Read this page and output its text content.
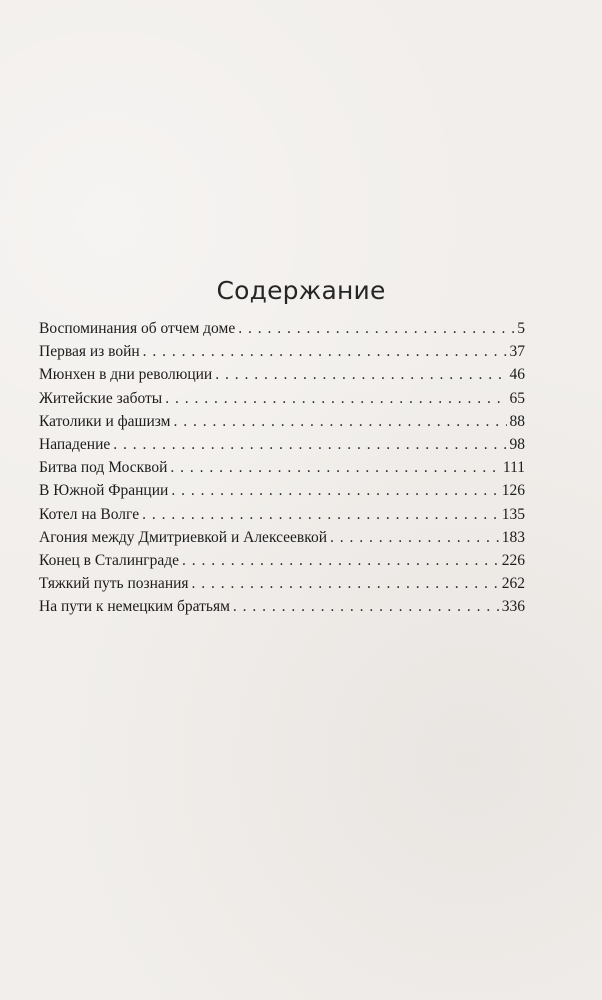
Содержание
Воспоминания об отчем доме . . .	5
Первая из войн . . .	37
Мюнхен в дни революции . . .	46
Житейские заботы . . .	65
Католики и фашизм . . .	88
Нападение . . .	98
Битва под Москвой . . .	111
В Южной Франции . . .	126
Котел на Волге . . .	135
Агония между Дмитриевкой и Алексеевкой . . .	183
Конец в Сталинграде . . .	226
Тяжкий путь познания . . .	262
На пути к немецким братьям . . .	336
